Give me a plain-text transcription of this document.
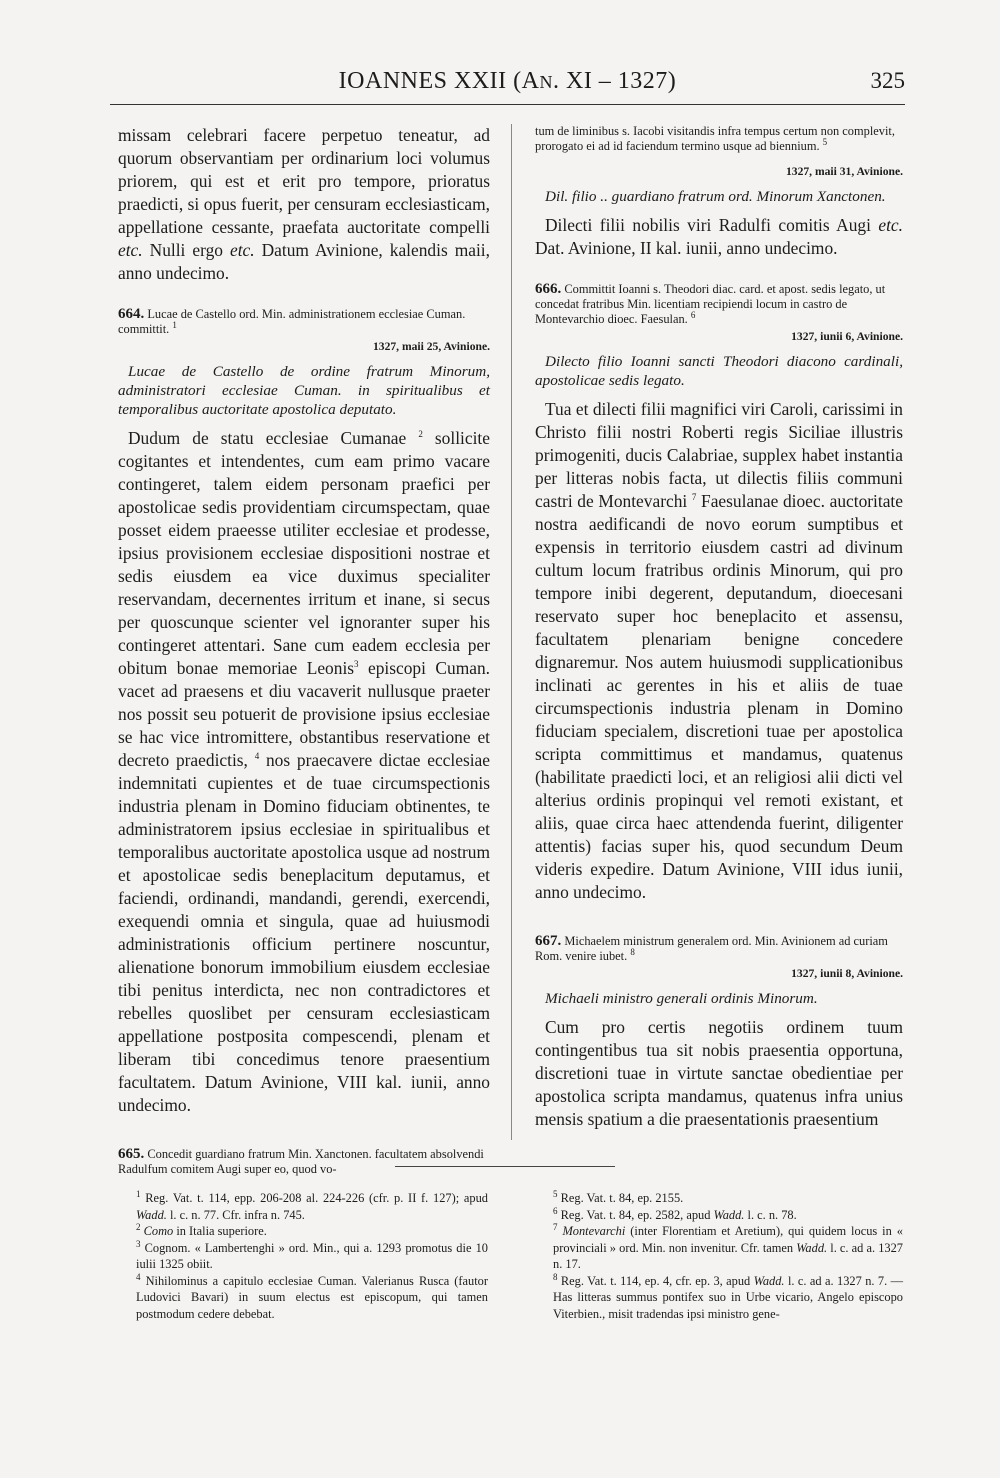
IOANNES XXII (AN. XI – 1327)	325

missam celebrari facere perpetuo teneatur, ad quorum observantiam per ordinarium loci volumus priorem, qui est et erit pro tempore, prioratus praedicti, si opus fuerit, per censuram ecclesiasticam, appellatione cessante, praefata auctoritate compelli etc. Nulli ergo etc. Datum Avinione, kalendis maii, anno undecimo.

664. Lucae de Castello ord. Min. administrationem ecclesiae Cuman. committit. $^1$

1327, maii 25, Avinione.

Lucae de Castello de ordine fratrum Minorum, administratori ecclesiae Cuman. in spiritualibus et temporalibus auctoritate apostolica deputato.

Dudum de statu ecclesiae Cumanae $^2$ sollicite cogitantes et intendentes, cum eam primo vacare contingeret, talem eidem personam praefici per apostolicae sedis providentiam circumspectam, quae posset eidem praeesse utiliter ecclesiae et prodesse, ipsius provisionem ecclesiae dispositioni nostrae et sedis eiusdem ea vice duximus specialiter reservandam, decernentes irritum et inane, si secus per quoscunque scienter vel ignoranter super his contingeret attentari. Sane cum eadem ecclesia per obitum bonae memoriae Leonis$^3$ episcopi Cuman. vacet ad praesens et diu vacaverit nullusque praeter nos possit seu potuerit de provisione ipsius ecclesiae se hac vice intromittere, obstantibus reservatione et decreto praedictis, $^4$ nos praecavere dictae ecclesiae indemnitati cupientes et de tuae circumspectionis industria plenam in Domino fiduciam obtinentes, te administratorem ipsius ecclesiae in spiritualibus et temporalibus auctoritate apostolica usque ad nostrum et apostolicae sedis beneplacitum deputamus, et faciendi, ordinandi, mandandi, gerendi, exercendi, exequendi omnia et singula, quae ad huiusmodi administrationis officium pertinere noscuntur, alienatione bonorum immobilium eiusdem ecclesiae tibi penitus interdicta, nec non contradictores et rebelles quoslibet per censuram ecclesiasticam appellatione postposita compescendi, plenam et liberam tibi concedimus tenore praesentium facultatem. Datum Avinione, VIII kal. iunii, anno undecimo.

665. Concedit guardiano fratrum Min. Xanctonen. facultatem absolvendi Radulfum comitem Augi super eo, quod vo-

tum de liminibus s. Iacobi visitandis infra tempus certum non complevit, prorogato ei ad id faciendum termino usque ad biennium. $^5$

1327, maii 31, Avinione.

Dil. filio .. guardiano fratrum ord. Minorum Xanctonen.

Dilecti filii nobilis viri Radulfi comitis Augi etc. Dat. Avinione, II kal. iunii, anno undecimo.

666. Committit Ioanni s. Theodori diac. card. et apost. sedis legato, ut concedat fratribus Min. licentiam recipiendi locum in castro de Montevarchio dioec. Faesulan. $^6$

1327, iunii 6, Avinione.

Dilecto filio Ioanni sancti Theodori diacono cardinali, apostolicae sedis legato.

Tua et dilecti filii magnifici viri Caroli, carissimi in Christo filii nostri Roberti regis Siciliae illustris primogeniti, ducis Calabriae, supplex habet instantia per litteras nobis facta, ut dilectis filiis communi castri de Montevarchi $^7$ Faesulanae dioec. auctoritate nostra aedificandi de novo eorum sumptibus et expensis in territorio eiusdem castri ad divinum cultum locum fratribus ordinis Minorum, qui pro tempore inibi degerent, deputandum, dioecesani reservato super hoc beneplacito et assensu, facultatem plenariam benigne concedere dignaremur. Nos autem huiusmodi supplicationibus inclinati ac gerentes in his et aliis de tuae circumspectionis industria plenam in Domino fiduciam specialem, discretioni tuae per apostolica scripta committimus et mandamus, quatenus (habilitate praedicti loci, et an religiosi alii dicti vel alterius ordinis propinqui vel remoti existant, et aliis, quae circa haec attendenda fuerint, diligenter attentis) facias super his, quod secundum Deum videris expedire. Datum Avinione, VIII idus iunii, anno undecimo.

667. Michaelem ministrum generalem ord. Min. Avinionem ad curiam Rom. venire iubet. $^8$

1327, iunii 8, Avinione.

Michaeli ministro generali ordinis Minorum.

Cum pro certis negotiis ordinem tuum contingentibus tua sit nobis praesentia opportuna, discretioni tuae in virtute sanctae obedientiae per apostolica scripta mandamus, quatenus infra unius mensis spatium a die praesentationis praesentium

$^1$ Reg. Vat. t. 114, epp. 206-208 al. 224-226 (cfr. p. II f. 127); apud Wadd. l. c. n. 77. Cfr. infra n. 745.

$^2$ Como in Italia superiore.

$^3$ Cognom. « Lambertenghi » ord. Min., qui a. 1293 promotus die 10 iulii 1325 obiit.

$^4$ Nihilominus a capitulo ecclesiae Cuman. Valerianus Rusca (fautor Ludovici Bavari) in suum electus est episcopum, qui tamen postmodum cedere debebat.

$^5$ Reg. Vat. t. 84, ep. 2155.

$^6$ Reg. Vat. t. 84, ep. 2582, apud Wadd. l. c. n. 78.

$^7$ Montevarchi (inter Florentiam et Aretium), qui quidem locus in « provinciali » ord. Min. non invenitur. Cfr. tamen Wadd. l. c. ad a. 1327 n. 17.

$^8$ Reg. Vat. t. 114, ep. 4, cfr. ep. 3, apud Wadd. l. c. ad a. 1327 n. 7. — Has litteras summus pontifex suo in Urbe vicario, Angelo episcopo Viterbien., misit tradendas ipsi ministro gene-
